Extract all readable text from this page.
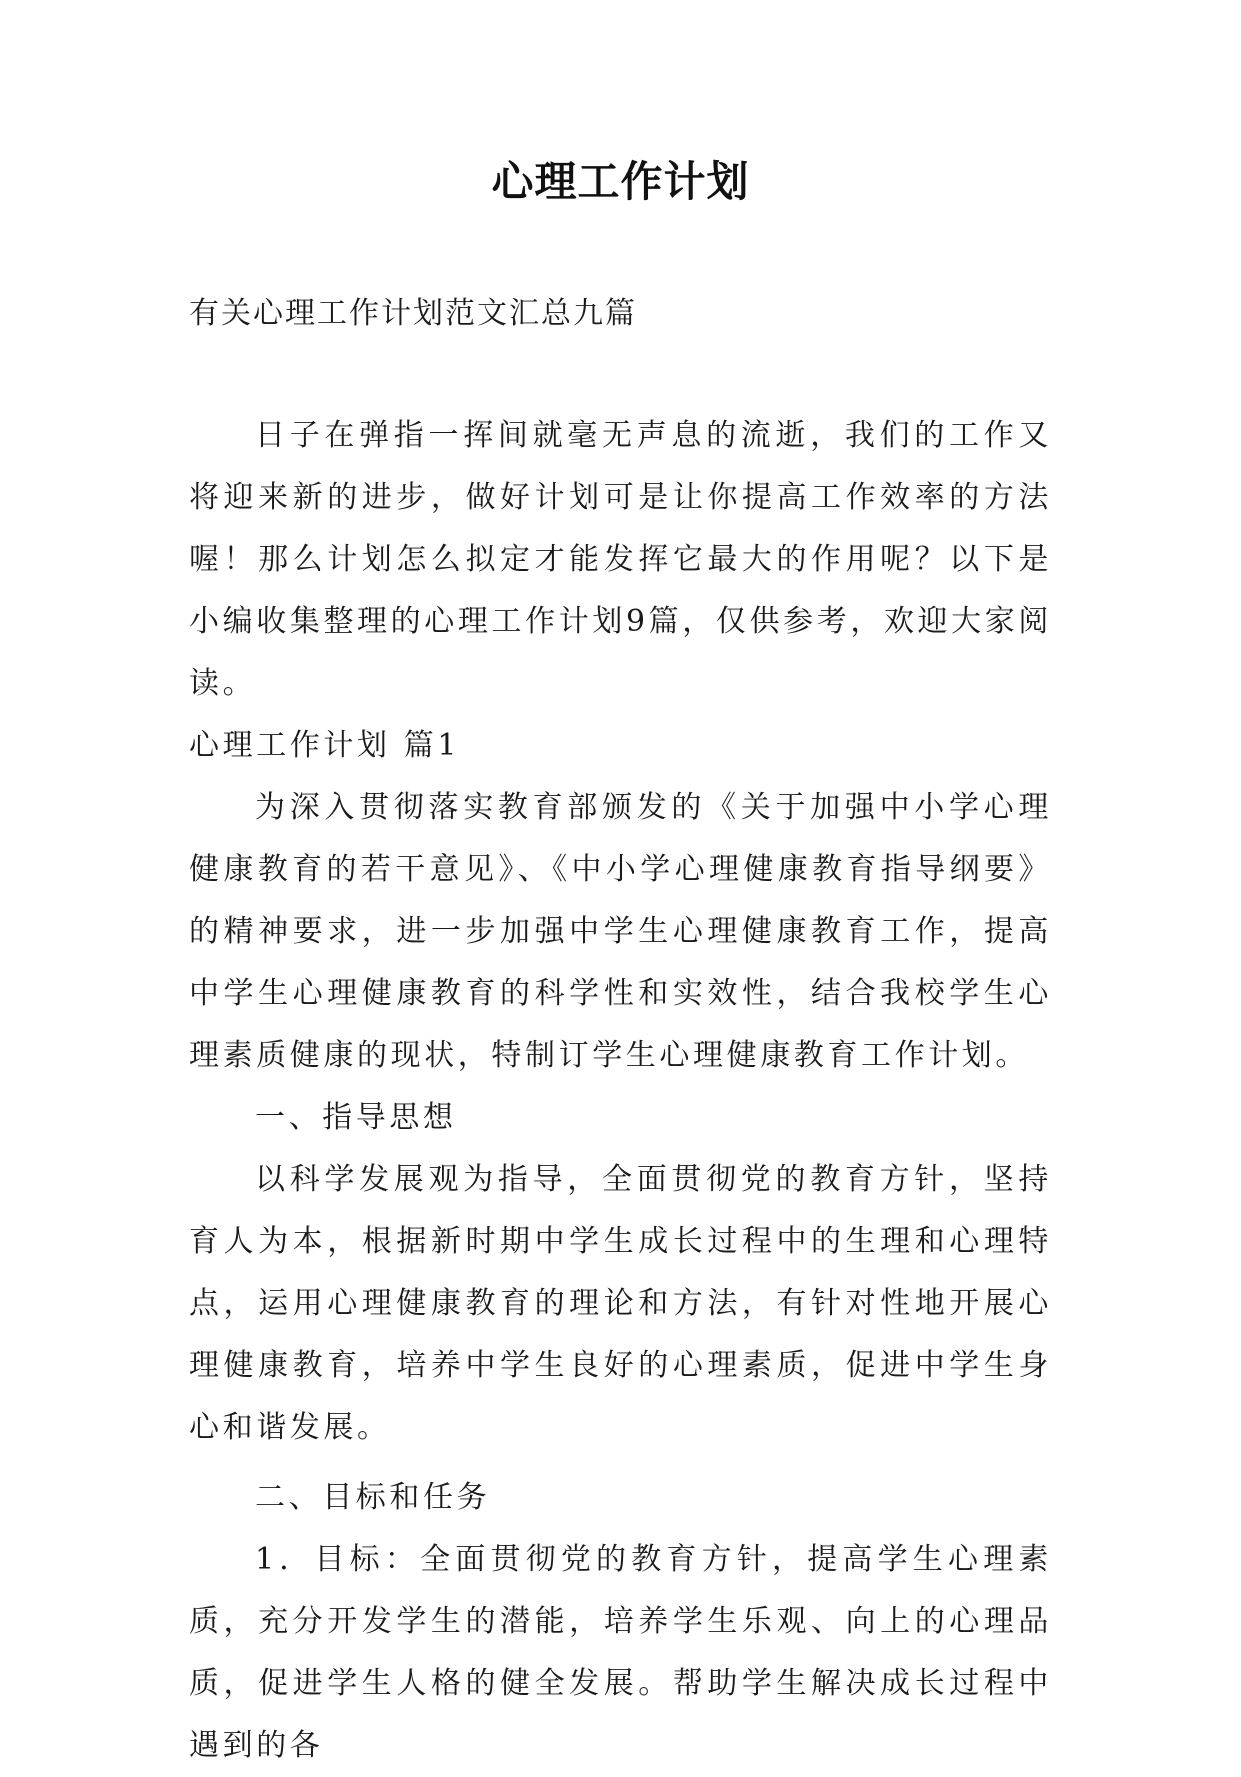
心理工作计划

有关心理工作计划范文汇总九篇

日子在弹指一挥间就毫无声息的流逝，我们的工作又将迎来新的进步，做好计划可是让你提高工作效率的方法喔！那么计划怎么拟定才能发挥它最大的作用呢？以下是小编收集整理的心理工作计划9篇，仅供参考，欢迎大家阅读。

心理工作计划 篇1

为深入贯彻落实教育部颁发的《关于加强中小学心理健康教育的若干意见》、《中小学心理健康教育指导纲要》的精神要求，进一步加强中学生心理健康教育工作，提高中学生心理健康教育的科学性和实效性，结合我校学生心理素质健康的现状，特制订学生心理健康教育工作计划。

一、指导思想

以科学发展观为指导，全面贯彻党的教育方针，坚持育人为本，根据新时期中学生成长过程中的生理和心理特点，运用心理健康教育的理论和方法，有针对性地开展心理健康教育，培养中学生良好的心理素质，促进中学生身心和谐发展。

二、目标和任务

1．目标：全面贯彻党的教育方针，提高学生心理素质，充分开发学生的潜能，培养学生乐观、向上的心理品质，促进学生人格的健全发展。帮助学生解决成长过程中遇到的各
